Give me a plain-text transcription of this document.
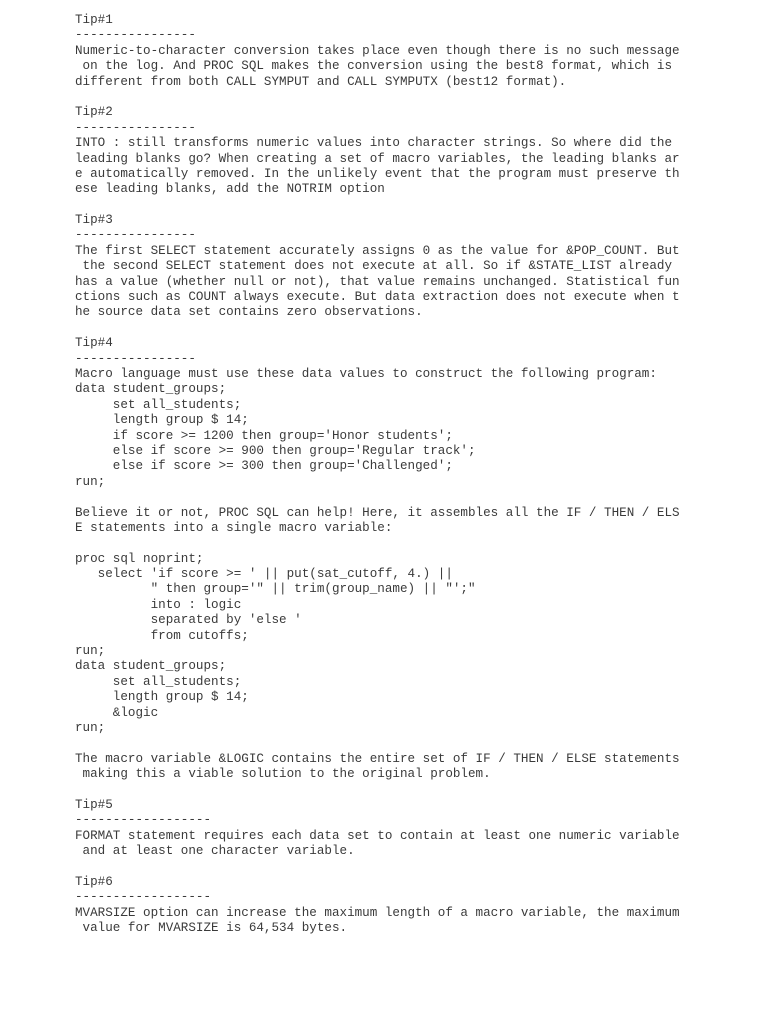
Tip#1
----------------
Numeric-to-character conversion takes place even though there is no such message
on the log. And PROC SQL makes the conversion using the best8 format, which is
different from both CALL SYMPUT and CALL SYMPUTX (best12 format).
Tip#2
----------------
INTO : still transforms numeric values into character strings. So where did the
leading blanks go? When creating a set of macro variables, the leading blanks ar
e automatically removed. In the unlikely event that the program must preserve th
ese leading blanks, add the NOTRIM option
Tip#3
----------------
The first SELECT statement accurately assigns 0 as the value for &POP_COUNT. But
the second SELECT statement does not execute at all. So if &STATE_LIST already
has a value (whether null or not), that value remains unchanged. Statistical fun
ctions such as COUNT always execute. But data extraction does not execute when t
he source data set contains zero observations.
Tip#4
----------------
Macro language must use these data values to construct the following program:
data student_groups;
set all_students;
length group $ 14;
if score >= 1200 then group='Honor students';
else if score >= 900 then group='Regular track';
else if score >= 300 then group='Challenged';
run;
Believe it or not, PROC SQL can help! Here, it assembles all the IF / THEN / ELS
E statements into a single macro variable:
proc sql noprint;
select 'if score >= ' || put(sat_cutoff, 4.) ||
" then group='" || trim(group_name) || "';"
into : logic
separated by 'else '
from cutoffs;
run;
data student_groups;
set all_students;
length group $ 14;
&logic
run;
The macro variable &LOGIC contains the entire set of IF / THEN / ELSE statements
making this a viable solution to the original problem.
Tip#5
------------------
FORMAT statement requires each data set to contain at least one numeric variable
and at least one character variable.
Tip#6
------------------
MVARSIZE option can increase the maximum length of a macro variable, the maximum
value for MVARSIZE is 64,534 bytes.
